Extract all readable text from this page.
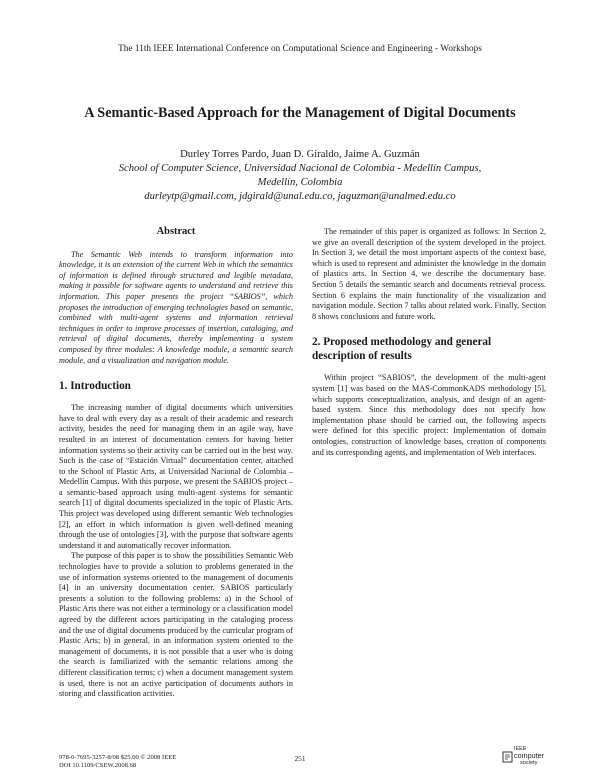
The 11th IEEE International Conference on Computational Science and Engineering - Workshops
A Semantic-Based Approach for the Management of Digital Documents
Durley Torres Pardo, Juan D. Giraldo, Jaime A. Guzmán
School of Computer Science, Universidad Nacional de Colombia - Medellín Campus,
Medellín, Colombia
durleytp@gmail.com, jdgirald@unal.edu.co, jaguzman@unalmed.edu.co
Abstract

The Semantic Web intends to transform information into knowledge, it is an extension of the current Web in which the semantics of information is defined through structured and legible metadata, making it possible for software agents to understand and retrieve this information. This paper presents the project “SABIOS”, which proposes the introduction of emerging technologies based on semantic, combined with multi-agent systems and information retrieval techniques in order to improve processes of insertion, cataloging, and retrieval of digital documents, thereby implementing a system composed by three modules: A knowledge module, a semantic search module, and a visualization and navigation module.

1. Introduction

The increasing number of digital documents which universities have to deal with every day as a result of their academic and research activity, besides the need for managing them in an agile way, have resulted in an interest of documentation centers for having better information systems so their activity can be carried out in the best way. Such is the case of “Estación Virtual” documentation center, attached to the School of Plastic Arts, at Universidad Nacional de Colombia – Medellín Campus. With this purpose, we present the SABIOS project – a semantic-based approach using multi-agent systems for semantic search [1] of digital documents specialized in the topic of Plastic Arts. This project was developed using different semantic Web technologies [2], an effort in which information is given well-defined meaning through the use of ontologies [3], with the purpose that software agents understand it and automatically recover information.

The purpose of this paper is to show the possibilities Semantic Web technologies have to provide a solution to problems generated in the use of information systems oriented to the management of documents [4] in an university documentation center. SABIOS particularly presents a solution to the following problems: a) in the School of Plastic Arts there was not either a terminology or a classification model agreed by the different actors participating in the cataloging process and the use of digital documents produced by the curricular program of Plastic Arts; b) in general, in an information system oriented to the management of documents, it is not possible that a user who is doing the search is familiarized with the semantic relations among the different classification terms; c) when a document management system is used, there is not an active participation of documents authors in storing and classification activities.

The remainder of this paper is organized as follows: In Section 2, we give an overall description of the system developed in the project. In Section 3, we detail the most important aspects of the context base, which is used to represent and administer the knowledge in the domain of plastics arts. In Section 4, we describe the documentary base. Section 5 details the semantic search and documents retrieval process. Section 6 explains the main functionality of the visualization and navigation module. Section 7 talks about related work. Finally, Section 8 shows conclusions and future work.

2. Proposed methodology and general description of results

Within project “SABIOS”, the development of the multi-agent system [1] was based on the MAS-CommonKADS methodology [5], which supports conceptualization, analysis, and design of an agent-based system. Since this methodology does not specify how implementation phase should be carried out, the following aspects were defined for this specific project: Implementation of domain ontologies, construction of knowledge bases, creation of components and its corresponding agents, and implementation of Web interfaces.

978-0-7695-3257-8/08 $25.00 © 2008 IEEE
DOI 10.1109/CSEW.2008.68
251
IEEE
computer
society
